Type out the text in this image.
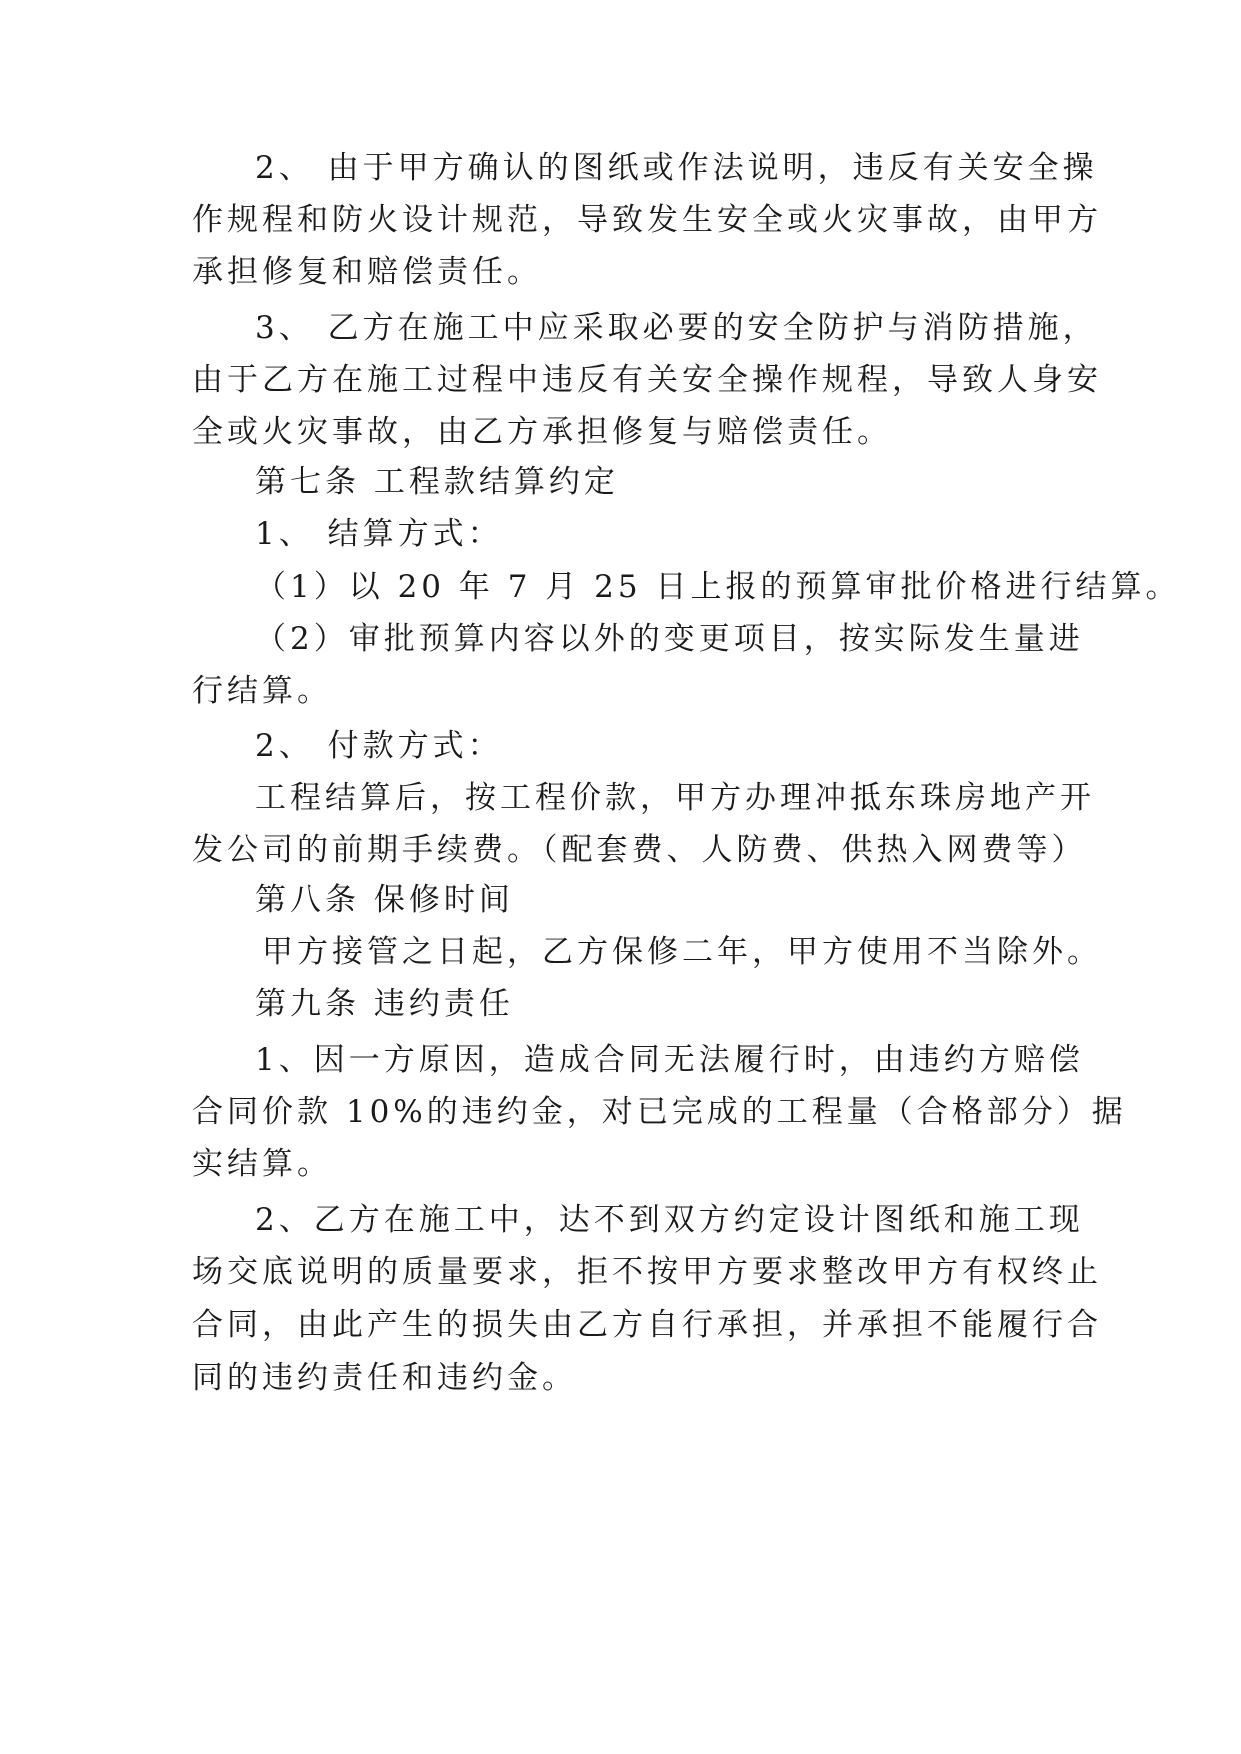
2、 由于甲方确认的图纸或作法说明，违反有关安全操
作规程和防火设计规范，导致发生安全或火灾事故，由甲方
承担修复和赔偿责任。
3、 乙方在施工中应采取必要的安全防护与消防措施，
由于乙方在施工过程中违反有关安全操作规程，导致人身安
全或火灾事故，由乙方承担修复与赔偿责任。
第七条 工程款结算约定
1、 结算方式：
（1）以 20 年 7 月 25 日上报的预算审批价格进行结算。
（2）审批预算内容以外的变更项目，按实际发生量进
行结算。
2、 付款方式：
工程结算后，按工程价款，甲方办理冲抵东珠房地产开
发公司的前期手续费。（配套费、人防费、供热入网费等）
第八条 保修时间
甲方接管之日起，乙方保修二年，甲方使用不当除外。
第九条 违约责任
1、因一方原因，造成合同无法履行时，由违约方赔偿
合同价款 10%的违约金，对已完成的工程量（合格部分）据
实结算。
2、乙方在施工中，达不到双方约定设计图纸和施工现
场交底说明的质量要求，拒不按甲方要求整改甲方有权终止
合同，由此产生的损失由乙方自行承担，并承担不能履行合
同的违约责任和违约金。
